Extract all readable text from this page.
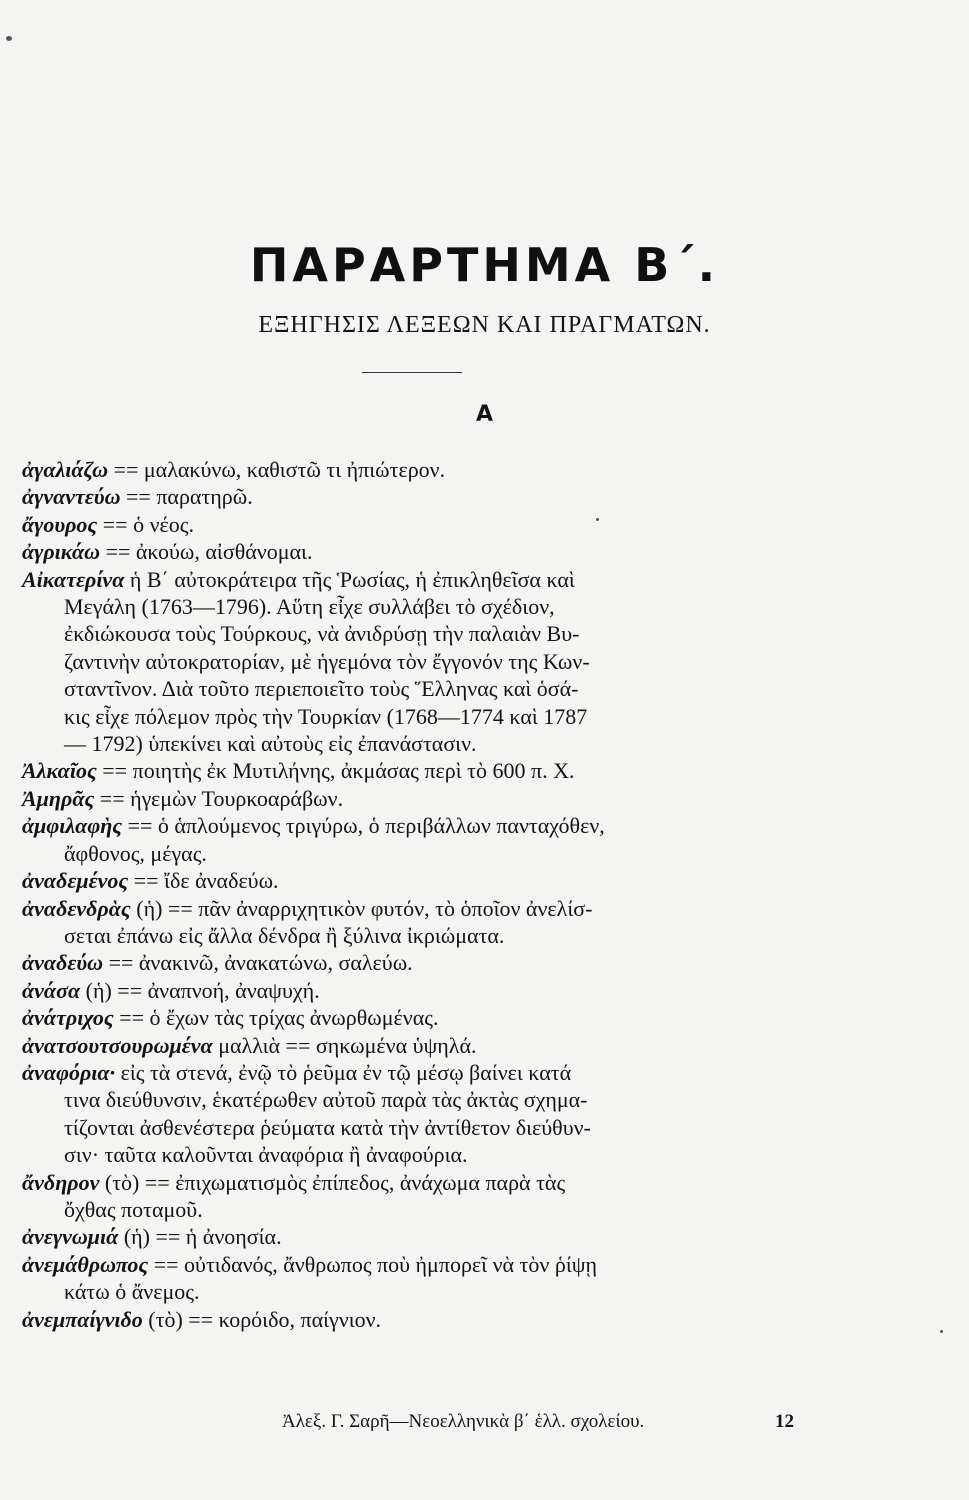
ΠΑΡΑΡΤΗΜΑ Β΄.
ΕΞΗΓΗΣΙΣ ΛΕΞΕΩΝ ΚΑΙ ΠΡΑΓΜΑΤΩΝ.
Α
ἀγαλιάζω == μαλακύνω, καθιστῶ τι ἠπιώτερον.
ἀγναντεύω == παρατηρῶ.
ἄγουρος == ὁ νέος.
ἀγρικάω == ἀκούω, αἰσθάνομαι.
Αἰκατερίνα ἡ Β΄ αὐτοκράτειρα τῆς Ῥωσίας, ἡ ἐπικληθεῖσα καὶ
Μεγάλη (1763—1796). Αὕτη εἶχε συλλάβει τὸ σχέδιον,
ἐκδιώκουσα τοὺς Τούρκους, νὰ ἀνιδρύσῃ τὴν παλαιὰν Βυ-
ζαντινὴν αὐτοκρατορίαν, μὲ ἡγεμόνα τὸν ἔγγονόν της Κων-
σταντῖνον. Διὰ τοῦτο περιεποιεῖτο τοὺς Ἕλληνας καὶ ὁσά-
κις εἶχε πόλεμον πρὸς τὴν Τουρκίαν (1768—1774 καὶ 1787
— 1792) ὑπεκίνει καὶ αὐτοὺς εἰς ἐπανάστασιν.
Ἀλκαῖος == ποιητὴς ἐκ Μυτιλήνης, ἀκμάσας περὶ τὸ 600 π. Χ.
Ἀμηρᾶς == ἡγεμὼν Τουρκοαράβων.
ἀμφιλαφὴς == ὁ ἁπλούμενος τριγύρω, ὁ περιβάλλων πανταχόθεν,
ἄφθονος, μέγας.
ἀναδεμένος == ἴδε ἀναδεύω.
ἀναδενδρὰς (ἡ) == πᾶν ἀναρριχητικὸν φυτόν, τὸ ὁποῖον ἀνελίσ-
σεται ἐπάνω εἰς ἄλλα δένδρα ἢ ξύλινα ἰκριώματα.
ἀναδεύω == ἀνακινῶ, ἀνακατώνω, σαλεύω.
ἀνάσα (ἡ) == ἀναπνοή, ἀναψυχή.
ἀνάτριχος == ὁ ἔχων τὰς τρίχας ἀνωρθωμένας.
ἀνατσουτσουρωμένα μαλλιὰ == σηκωμένα ὑψηλά.
ἀναφόρια· εἰς τὰ στενά, ἐνῷ τὸ ῥεῦμα ἐν τῷ μέσῳ βαίνει κατά
τινα διεύθυνσιν, ἑκατέρωθεν αὐτοῦ παρὰ τὰς ἀκτὰς σχημα-
τίζονται ἀσθενέστερα ῥεύματα κατὰ τὴν ἀντίθετον διεύθυν-
σιν· ταῦτα καλοῦνται ἀναφόρια ἢ ἀναφούρια.
ἄνδηρον (τὸ) == ἐπιχωματισμὸς ἐπίπεδος, ἀνάχωμα παρὰ τὰς
ὄχθας ποταμοῦ.
ἀνεγνωμιά (ἡ) == ἡ ἀνοησία.
ἀνεμάθρωπος == οὐτιδανός, ἄνθρωπος ποὺ ἠμπορεῖ νὰ τὸν ῥίψῃ
κάτω ὁ ἄνεμος.
ἀνεμπαίγνιδο (τὸ) == κορόιδο, παίγνιον.
Ἀλεξ. Γ. Σαρῆ—Νεοελληνικὰ β΄ ἑλλ. σχολείου.	12
